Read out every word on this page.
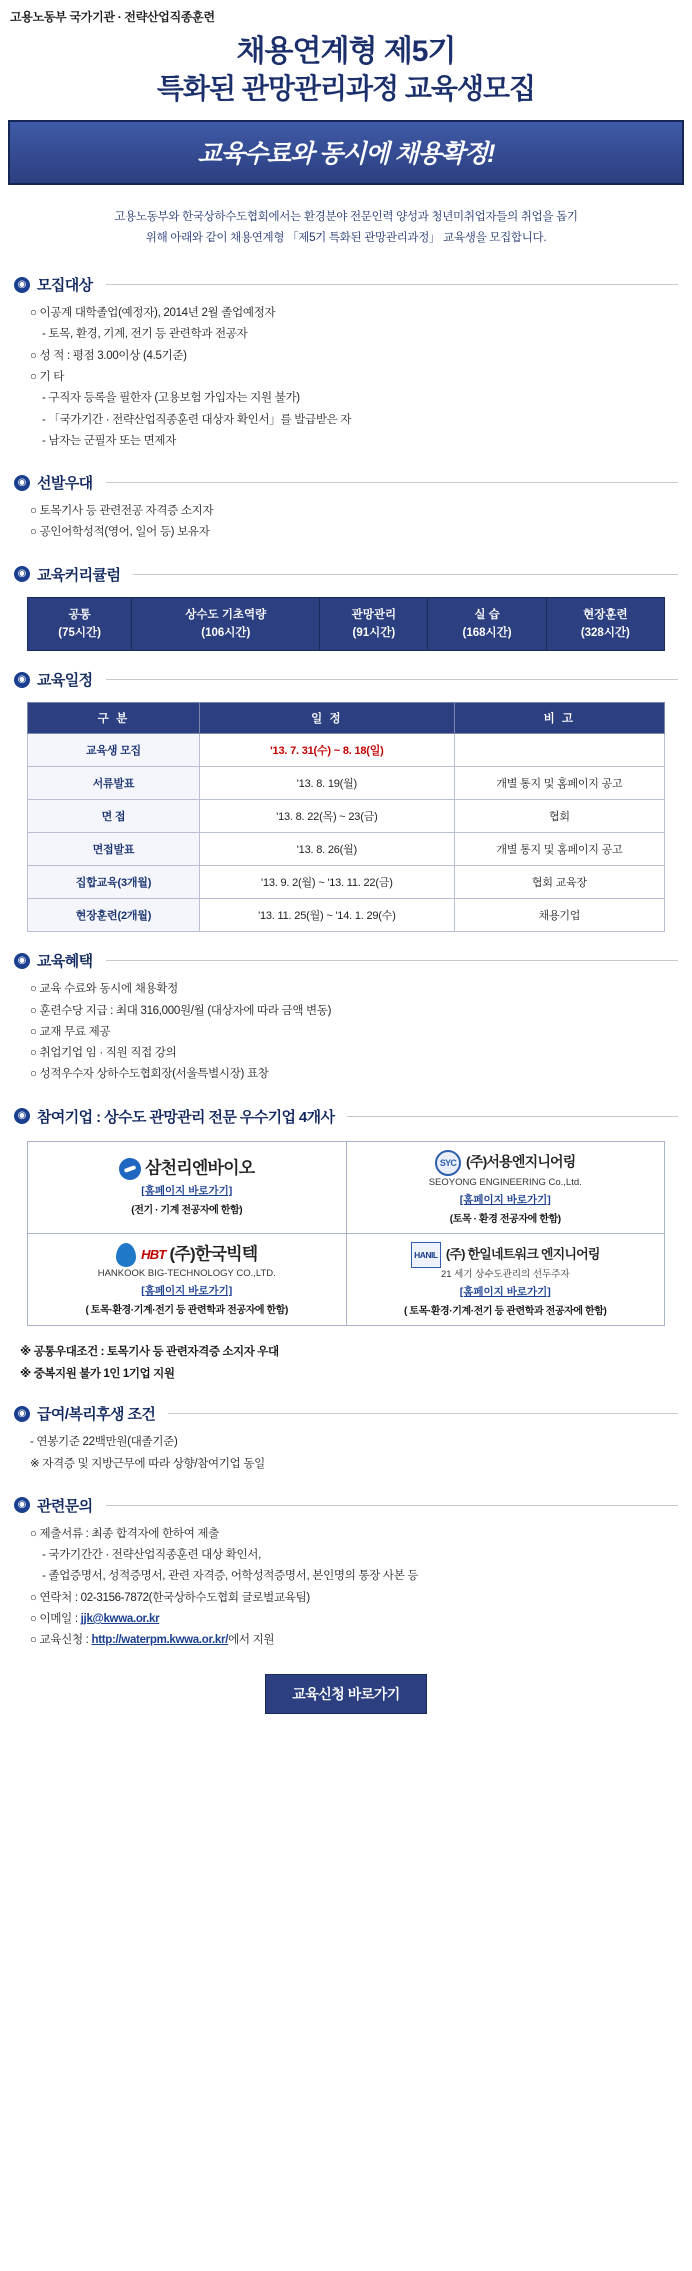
고용노동부 국가기관 · 전략산업직종훈련
채용연계형 제5기
특화된 관망관리과정 교육생모집
교육수료와 동시에 채용확정!
고용노동부와 한국상하수도협회에서는 환경분야 전문인력 양성과 청년미취업자들의 취업을 돕기
위해 아래와 같이 채용연계형 「제5기 특화된 관망관리과정」 교육생을 모집합니다.
◉ 모집대상
○ 이공계 대학졸업(예정자), 2014년 2월 졸업예정자
- 토목, 환경, 기계, 전기 등 관련학과 전공자
○ 성 적 : 평점 3.00이상 (4.5기준)
○ 기 타
- 구직자 등록을 필한자 (고용보험 가입자는 지원 불가)
- 「국가기간 · 전략산업직종훈련 대상자 확인서」를 발급받은 자
- 남자는 군필자 또는 면제자
◉ 선발우대
○ 토목기사 등 관련전공 자격증 소지자
○ 공인어학성적(영어, 일어 등) 보유자
◉ 교육커리큘럼
공통
(75시간)

상수도 기초역량
(106시간)

관망관리
(91시간)

실 습
(168시간)

현장훈련
(328시간)
◉ 교육일정
구 분	일 정	비 고
교육생 모집	'13. 7. 31(수) ~ 8. 18(일)	
서류발표	'13. 8. 19(월)	개별 통지 및 홈페이지 공고
면 접	'13. 8. 22(목) ~ 23(금)	협회
면접발표	'13. 8. 26(월)	개별 통지 및 홈페이지 공고
집합교육(3개월)	'13. 9. 2(월) ~ '13. 11. 22(금)	협회 교육장
현장훈련(2개월)	'13. 11. 25(월) ~ '14. 1. 29(수)	채용기업
◉ 교육혜택
○ 교육 수료와 동시에 채용확정
○ 훈련수당 지급 : 최대 316,000원/월 (대상자에 따라 금액 변동)
○ 교재 무료 제공
○ 취업기업 임 · 직원 직접 강의
○ 성적우수자 상하수도협회장(서울특별시장) 표창
◉ 참여기업 : 상수도 관망관리 전문 우수기업 4개사
삼천리엔바이오
[홈페이지 바로가기]
(전기 · 기계 전공자에 한함)

SYC (주)서용엔지니어링
SEOYONG ENGINEERING Co.,Ltd.
[홈페이지 바로가기]
(토목 · 환경 전공자에 한함)

HBT (주)한국빅텍
HANKOOK BIG-TECHNOLOGY CO.,LTD.
[홈페이지 바로가기]
( 토목·환경·기계·전기 등 관련학과 전공자에 한함)

HANIL (주) 한일네트워크 엔지니어링
21 세기 상수도관리의 선두주자
[홈페이지 바로가기]
( 토목·환경·기계·전기 등 관련학과 전공자에 한함)
※ 공통우대조건 : 토목기사 등 관련자격증 소지자 우대
※ 중복지원 불가 1인 1기업 지원
◉ 급여/복리후생 조건
- 연봉기준 22백만원(대졸기준)
※ 자격증 및 지방근무에 따라 상향/참여기업 동일
◉ 관련문의
○ 제출서류 : 최종 합격자에 한하여 제출
- 국가기간간 · 전략산업직종훈련 대상 확인서,
- 졸업증명서, 성적증명서, 관련 자격증, 어학성적증명서, 본인명의 통장 사본 등
○ 연락처 : 02-3156-7872(한국상하수도협회 글로벌교육팀)
○ 이메일 : jjk@kwwa.or.kr
○ 교육신청 : http://waterpm.kwwa.or.kr/에서 지원
교육신청 바로가기
